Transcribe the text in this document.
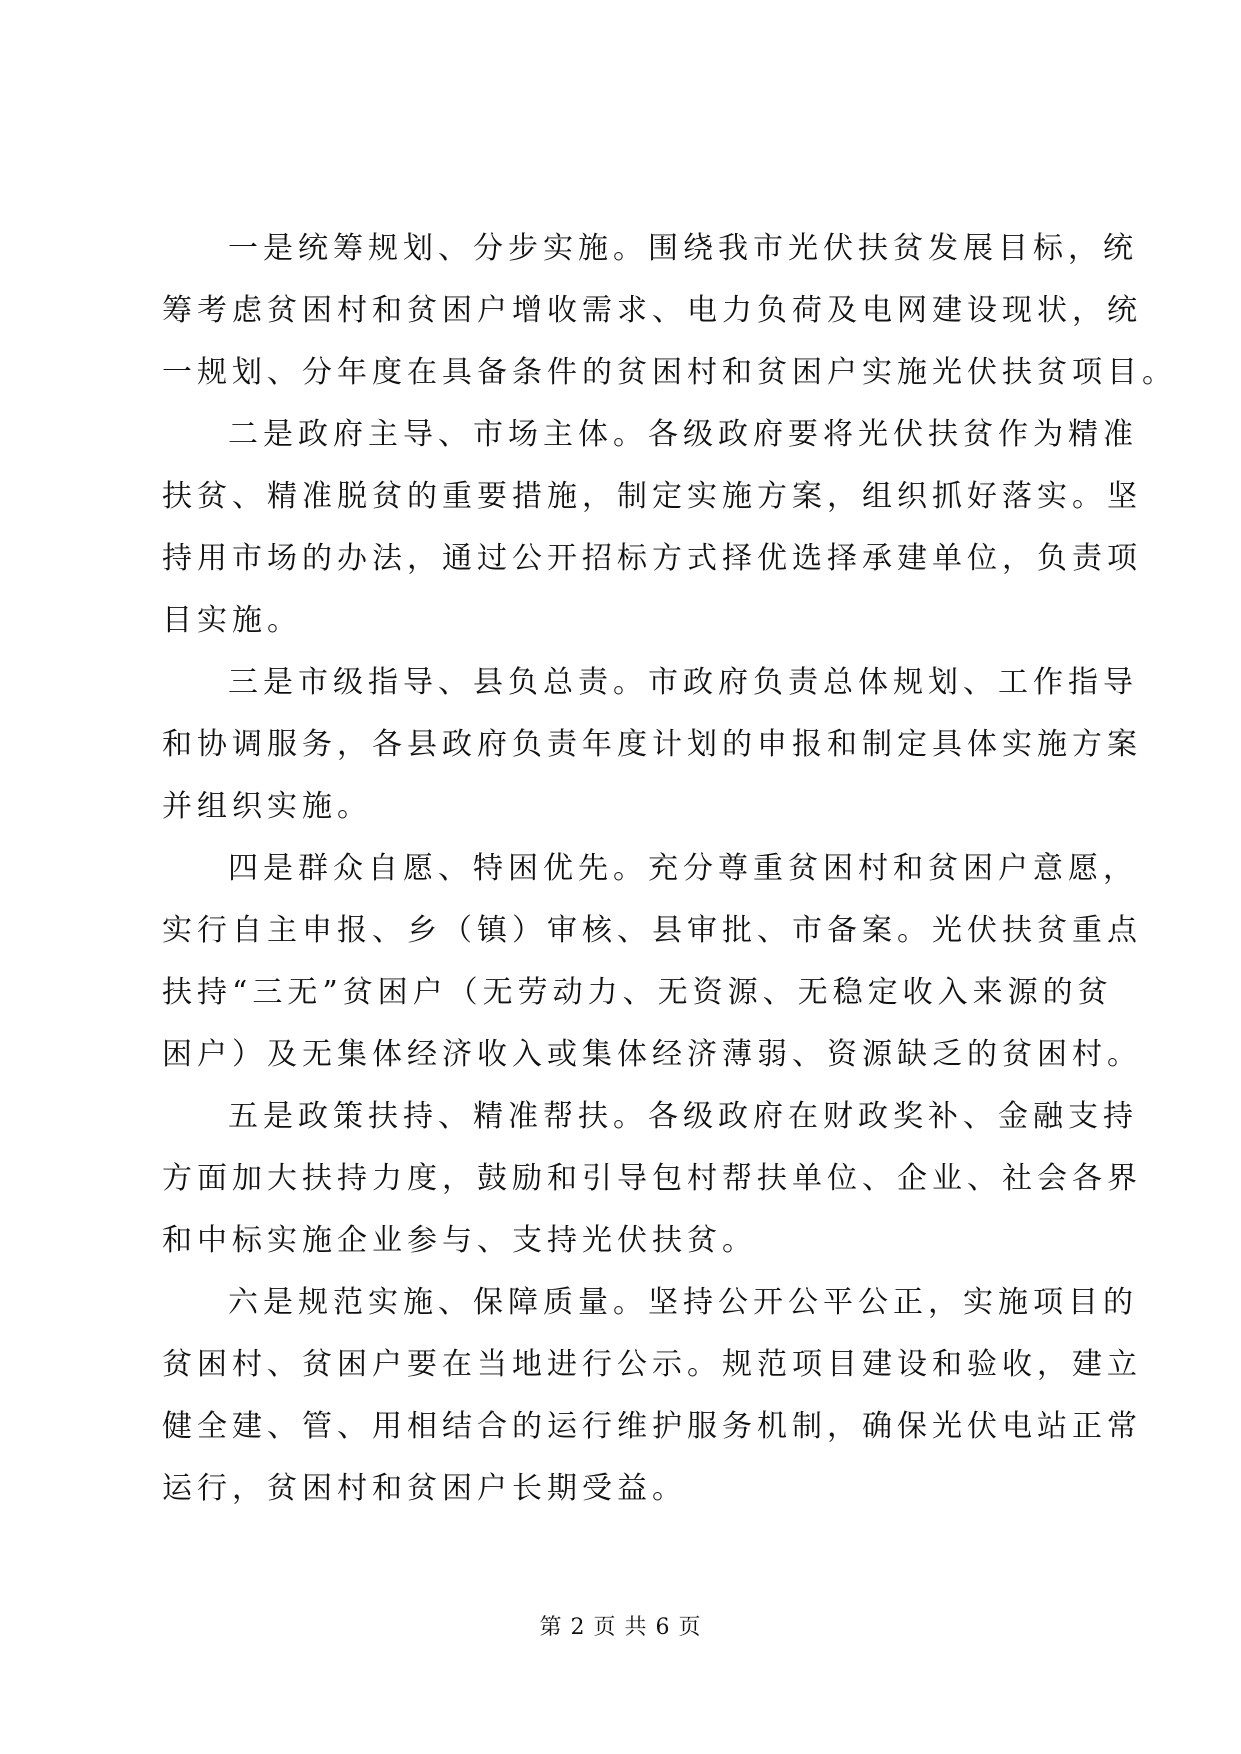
一是统筹规划、分步实施。围绕我市光伏扶贫发展目标，统
筹考虑贫困村和贫困户增收需求、电力负荷及电网建设现状，统
一规划、分年度在具备条件的贫困村和贫困户实施光伏扶贫项目。
二是政府主导、市场主体。各级政府要将光伏扶贫作为精准
扶贫、精准脱贫的重要措施，制定实施方案，组织抓好落实。坚
持用市场的办法，通过公开招标方式择优选择承建单位，负责项
目实施。
三是市级指导、县负总责。市政府负责总体规划、工作指导
和协调服务，各县政府负责年度计划的申报和制定具体实施方案
并组织实施。
四是群众自愿、特困优先。充分尊重贫困村和贫困户意愿，
实行自主申报、乡（镇）审核、县审批、市备案。光伏扶贫重点
扶持“三无”贫困户（无劳动力、无资源、无稳定收入来源的贫
困户）及无集体经济收入或集体经济薄弱、资源缺乏的贫困村。
五是政策扶持、精准帮扶。各级政府在财政奖补、金融支持
方面加大扶持力度，鼓励和引导包村帮扶单位、企业、社会各界
和中标实施企业参与、支持光伏扶贫。
六是规范实施、保障质量。坚持公开公平公正，实施项目的
贫困村、贫困户要在当地进行公示。规范项目建设和验收，建立
健全建、管、用相结合的运行维护服务机制，确保光伏电站正常
运行，贫困村和贫困户长期受益。
第 2 页 共 6 页
